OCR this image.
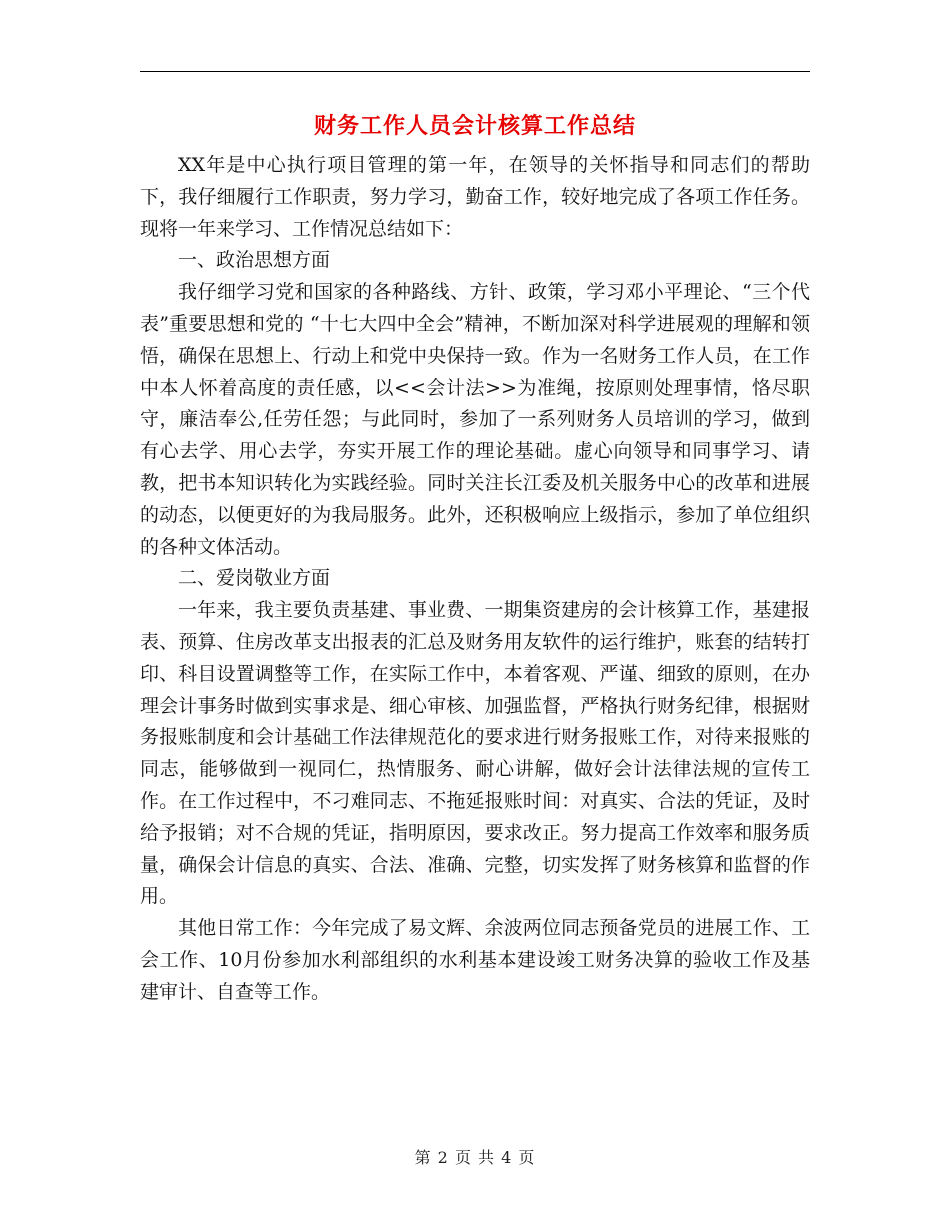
财务工作人员会计核算工作总结

XX年是中心执行项目管理的第一年，在领导的关怀指导和同志们的帮助下，我仔细履行工作职责，努力学习，勤奋工作，较好地完成了各项工作任务。现将一年来学习、工作情况总结如下：

一、政治思想方面

我仔细学习党和国家的各种路线、方针、政策，学习邓小平理论、“三个代表”重要思想和党的 “十七大四中全会”精神，不断加深对科学进展观的理解和领悟，确保在思想上、行动上和党中央保持一致。作为一名财务工作人员，在工作中本人怀着高度的责任感，以<<会计法>>为准绳，按原则处理事情，恪尽职守，廉洁奉公,任劳任怨；与此同时，参加了一系列财务人员培训的学习，做到有心去学、用心去学，夯实开展工作的理论基础。虚心向领导和同事学习、请教，把书本知识转化为实践经验。同时关注长江委及机关服务中心的改革和进展的动态，以便更好的为我局服务。此外，还积极响应上级指示，参加了单位组织的各种文体活动。

二、爱岗敬业方面

一年来，我主要负责基建、事业费、一期集资建房的会计核算工作，基建报表、预算、住房改革支出报表的汇总及财务用友软件的运行维护，账套的结转打印、科目设置调整等工作，在实际工作中，本着客观、严谨、细致的原则，在办理会计事务时做到实事求是、细心审核、加强监督，严格执行财务纪律，根据财务报账制度和会计基础工作法律规范化的要求进行财务报账工作，对待来报账的同志，能够做到一视同仁，热情服务、耐心讲解，做好会计法律法规的宣传工作。在工作过程中，不刁难同志、不拖延报账时间：对真实、合法的凭证，及时给予报销；对不合规的凭证，指明原因，要求改正。努力提高工作效率和服务质量，确保会计信息的真实、合法、准确、完整，切实发挥了财务核算和监督的作用。

其他日常工作：今年完成了易文辉、余波两位同志预备党员的进展工作、工会工作、10月份参加水利部组织的水利基本建设竣工财务决算的验收工作及基建审计、自查等工作。

第 2 页 共 4 页
